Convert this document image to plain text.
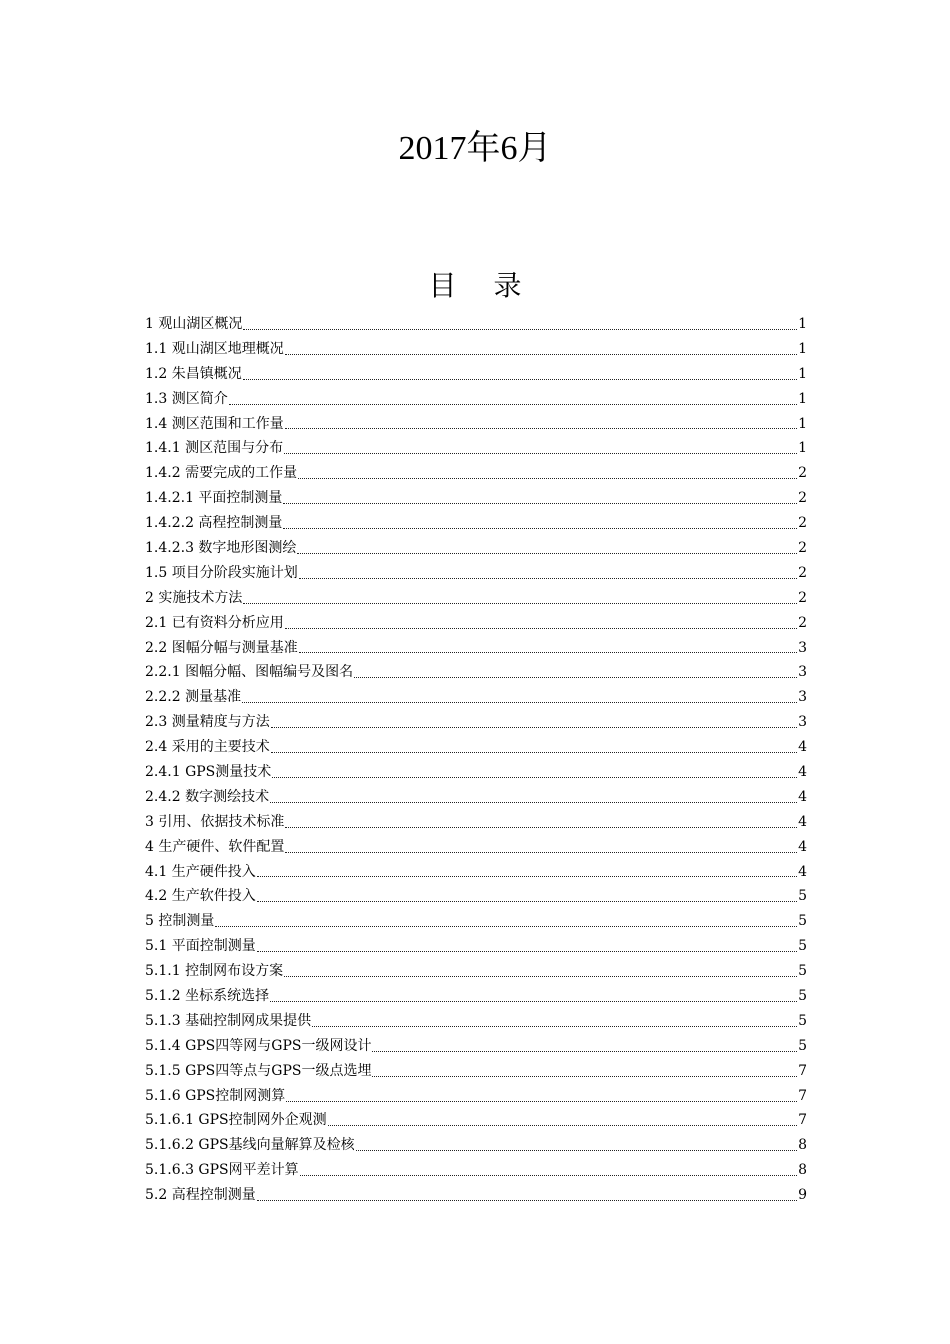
2017年6月
目 录
1 观山湖区概况	1
1.1 观山湖区地理概况	1
1.2 朱昌镇概况	1
1.3 测区简介	1
1.4 测区范围和工作量	1
1.4.1 测区范围与分布	1
1.4.2 需要完成的工作量	2
1.4.2.1 平面控制测量	2
1.4.2.2 高程控制测量	2
1.4.2.3 数字地形图测绘	2
1.5 项目分阶段实施计划	2
2 实施技术方法	2
2.1 已有资料分析应用	2
2.2 图幅分幅与测量基准	3
2.2.1 图幅分幅、图幅编号及图名	3
2.2.2 测量基准	3
2.3 测量精度与方法	3
2.4 采用的主要技术	4
2.4.1 GPS测量技术	4
2.4.2 数字测绘技术	4
3 引用、依据技术标准	4
4 生产硬件、软件配置	4
4.1 生产硬件投入	4
4.2 生产软件投入	5
5 控制测量	5
5.1 平面控制测量	5
5.1.1 控制网布设方案	5
5.1.2 坐标系统选择	5
5.1.3 基础控制网成果提供	5
5.1.4 GPS四等网与GPS一级网设计	5
5.1.5 GPS四等点与GPS一级点选埋	7
5.1.6 GPS控制网测算	7
5.1.6.1 GPS控制网外企观测	7
5.1.6.2 GPS基线向量解算及检核	8
5.1.6.3 GPS网平差计算	8
5.2 高程控制测量	9
